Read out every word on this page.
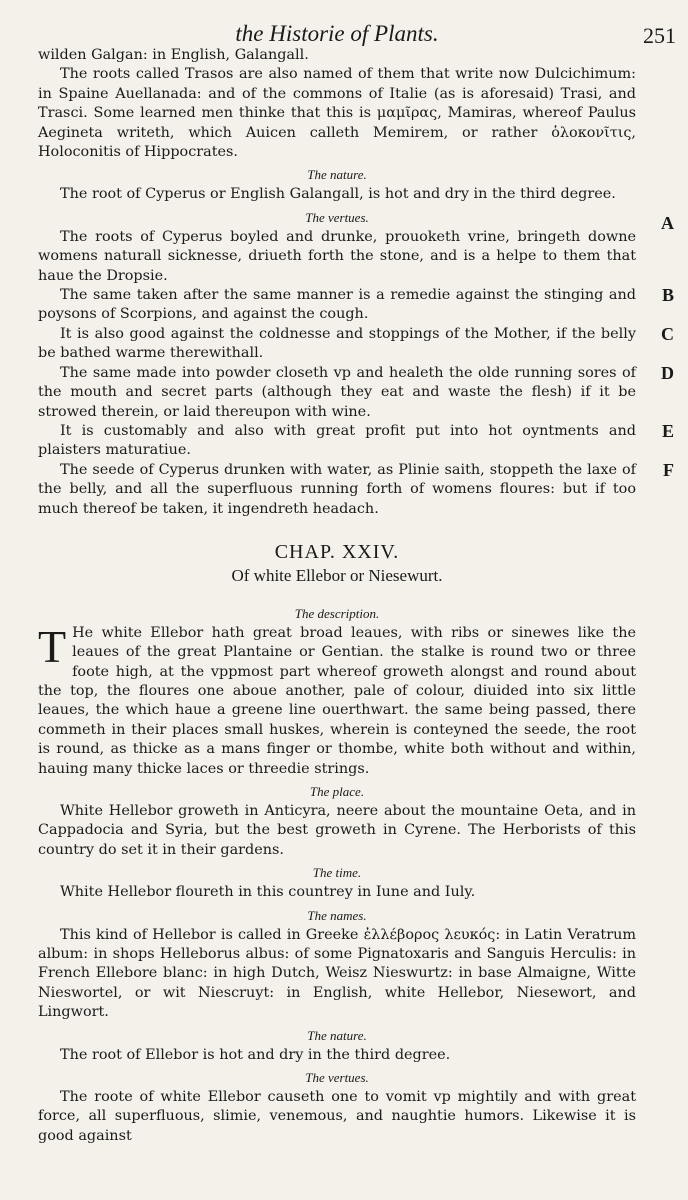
the Historie of Plants.	251

wilden Galgan: in English, Galangall.

The roots called Trasos are also named of them that write now Dulcichimum: in Spaine Auellanada: and of the commons of Italie (as is aforesaid) Trasi, and Trasci. Some learned men thinke that this is μαμῖρας, Mamiras, whereof Paulus Aegineta writeth, which Auicen calleth Memirem, or rather ὁλοκονῖτις, Holoconitis of Hippocrates.

The nature.

The root of Cyperus or English Galangall, is hot and dry in the third degree.

The vertues.	A

The roots of Cyperus boyled and drunke, prouoketh vrine, bringeth downe womens naturall sicknesse, driueth forth the stone, and is a helpe to them that haue the Dropsie.

B

The same taken after the same manner is a remedie against the stinging and poysons of Scorpions, and against the cough.

C

It is also good against the coldnesse and stoppings of the Mother, if the belly be bathed warme therewithall.

D

The same made into powder closeth vp and healeth the olde running sores of the mouth and secret parts (although they eat and waste the flesh) if it be strowed therein, or laid thereupon with wine.

E

It is customably and also with great profit put into hot oyntments and plaisters maturatiue.

F

The seede of Cyperus drunken with water, as Plinie saith, stoppeth the laxe of the belly, and all the superfluous running forth of womens floures: but if too much thereof be taken, it ingendreth headach.

CHAP. XXIV.
Of white Ellebor or Niesewurt.
The description.

T He white Ellebor hath great broad leaues, with ribs or sinewes like the leaues of the great Plantaine or Gentian. the stalke is round two or three foote high, at the vppmost part whereof groweth alongst and round about the top, the floures one aboue another, pale of colour, diuided into six little leaues, the which haue a greene line ouerthwart. the same being passed, there commeth in their places small huskes, wherein is conteyned the seede, the root is round, as thicke as a mans finger or thombe, white both without and within, hauing many thicke laces or threedie strings.

The place.

White Hellebor groweth in Anticyra, neere about the mountaine Oeta, and in Cappadocia and Syria, but the best groweth in Cyrene. The Herborists of this country do set it in their gardens.

The time.

White Hellebor floureth in this countrey in Iune and Iuly.

The names.

This kind of Hellebor is called in Greeke ἐλλέβορος λευκός: in Latin Veratrum album: in shops Helleborus albus: of some Pignatoxaris and Sanguis Herculis: in French Ellebore blanc: in high Dutch, Weisz Nieswurtz: in base Almaigne, Witte Nieswortel, or wit Niescruyt: in English, white Hellebor, Niesewort, and Lingwort.

The nature.

The root of Ellebor is hot and dry in the third degree.

The vertues.

The roote of white Ellebor causeth one to vomit vp mightily and with great force, all superfluous, slimie, venemous, and naughtie humors. Likewise it is good against
